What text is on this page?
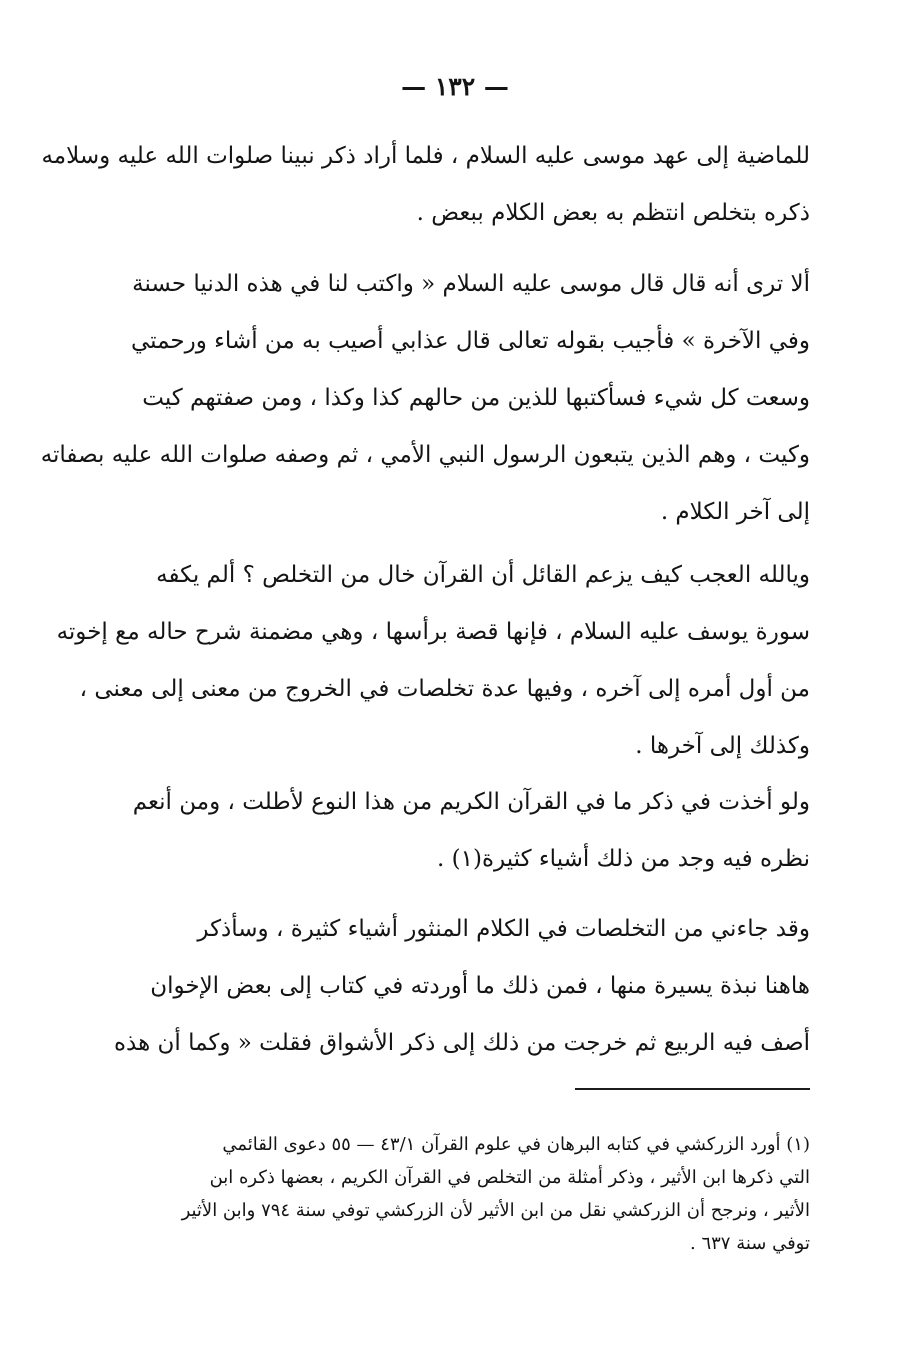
— ١٣٢ —
للماضية إلى عهد موسى عليه السلام ، فلما أراد ذكر نبينا صلوات الله عليه وسلامه
ذكره بتخلص انتظم به بعض الكلام ببعض .
ألا ترى أنه قال قال موسى عليه السلام « واكتب لنا في هذه الدنيا حسنة
وفي الآخرة » فأجيب بقوله تعالى قال عذابي أصيب به من أشاء ورحمتي
وسعت كل شيء فسأكتبها للذين من حالهم كذا وكذا ، ومن صفتهم كيت
وكيت ، وهم الذين يتبعون الرسول النبي الأمي ، ثم وصفه صلوات الله عليه بصفاته
إلى آخر الكلام .
ويالله العجب كيف يزعم القائل أن القرآن خال من التخلص ؟ ألم يكفه
سورة يوسف عليه السلام ، فإنها قصة برأسها ، وهي مضمنة شرح حاله مع إخوته
من أول أمره إلى آخره ، وفيها عدة تخلصات في الخروج من معنى إلى معنى ،
وكذلك إلى آخرها .
ولو أخذت في ذكر ما في القرآن الكريم من هذا النوع لأطلت ، ومن أنعم
نظره فيه وجد من ذلك أشياء كثيرة(١) .
وقد جاءني من التخلصات في الكلام المنثور أشياء كثيرة ، وسأذكر
هاهنا نبذة يسيرة منها ، فمن ذلك ما أوردته في كتاب إلى بعض الإخوان
أصف فيه الربيع ثم خرجت من ذلك إلى ذكر الأشواق فقلت « وكما أن هذه
(١) أورد الزركشي في كتابه البرهان في علوم القرآن ٤٣/١ — ٥٥ دعوى القائمي
التي ذكرها ابن الأثير ، وذكر أمثلة من التخلص في القرآن الكريم ، بعضها ذكره ابن
الأثير ، ونرجح أن الزركشي نقل من ابن الأثير لأن الزركشي توفي سنة ٧٩٤ وابن الأثير
توفي سنة ٦٣٧ .
